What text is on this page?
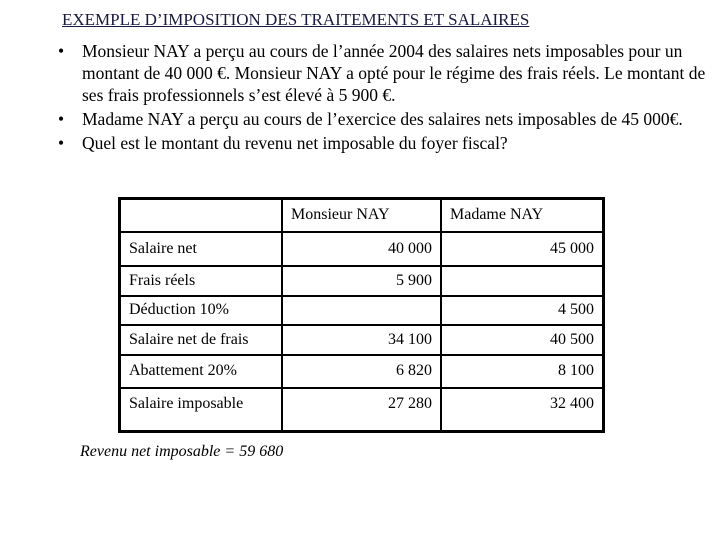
EXEMPLE D’IMPOSITION DES TRAITEMENTS ET SALAIRES
• Monsieur NAY a perçu au cours de l’année 2004 des salaires nets imposables pour un montant de 40 000 €. Monsieur NAY a opté pour le régime des frais réels. Le montant de ses frais professionnels s’est élevé à 5 900 €.
• Madame NAY a perçu au cours de l’exercice des salaires nets imposables de 45 000€.
• Quel est le montant du revenu net imposable du foyer fiscal?
	Monsieur NAY	Madame NAY
Salaire net	40 000	45 000
Frais réels	5 900	
Déduction 10%		4 500
Salaire net de frais	34 100	40 500
Abattement 20%	6 820	8 100
Salaire imposable	27 280	32 400
Revenu net imposable = 59 680
